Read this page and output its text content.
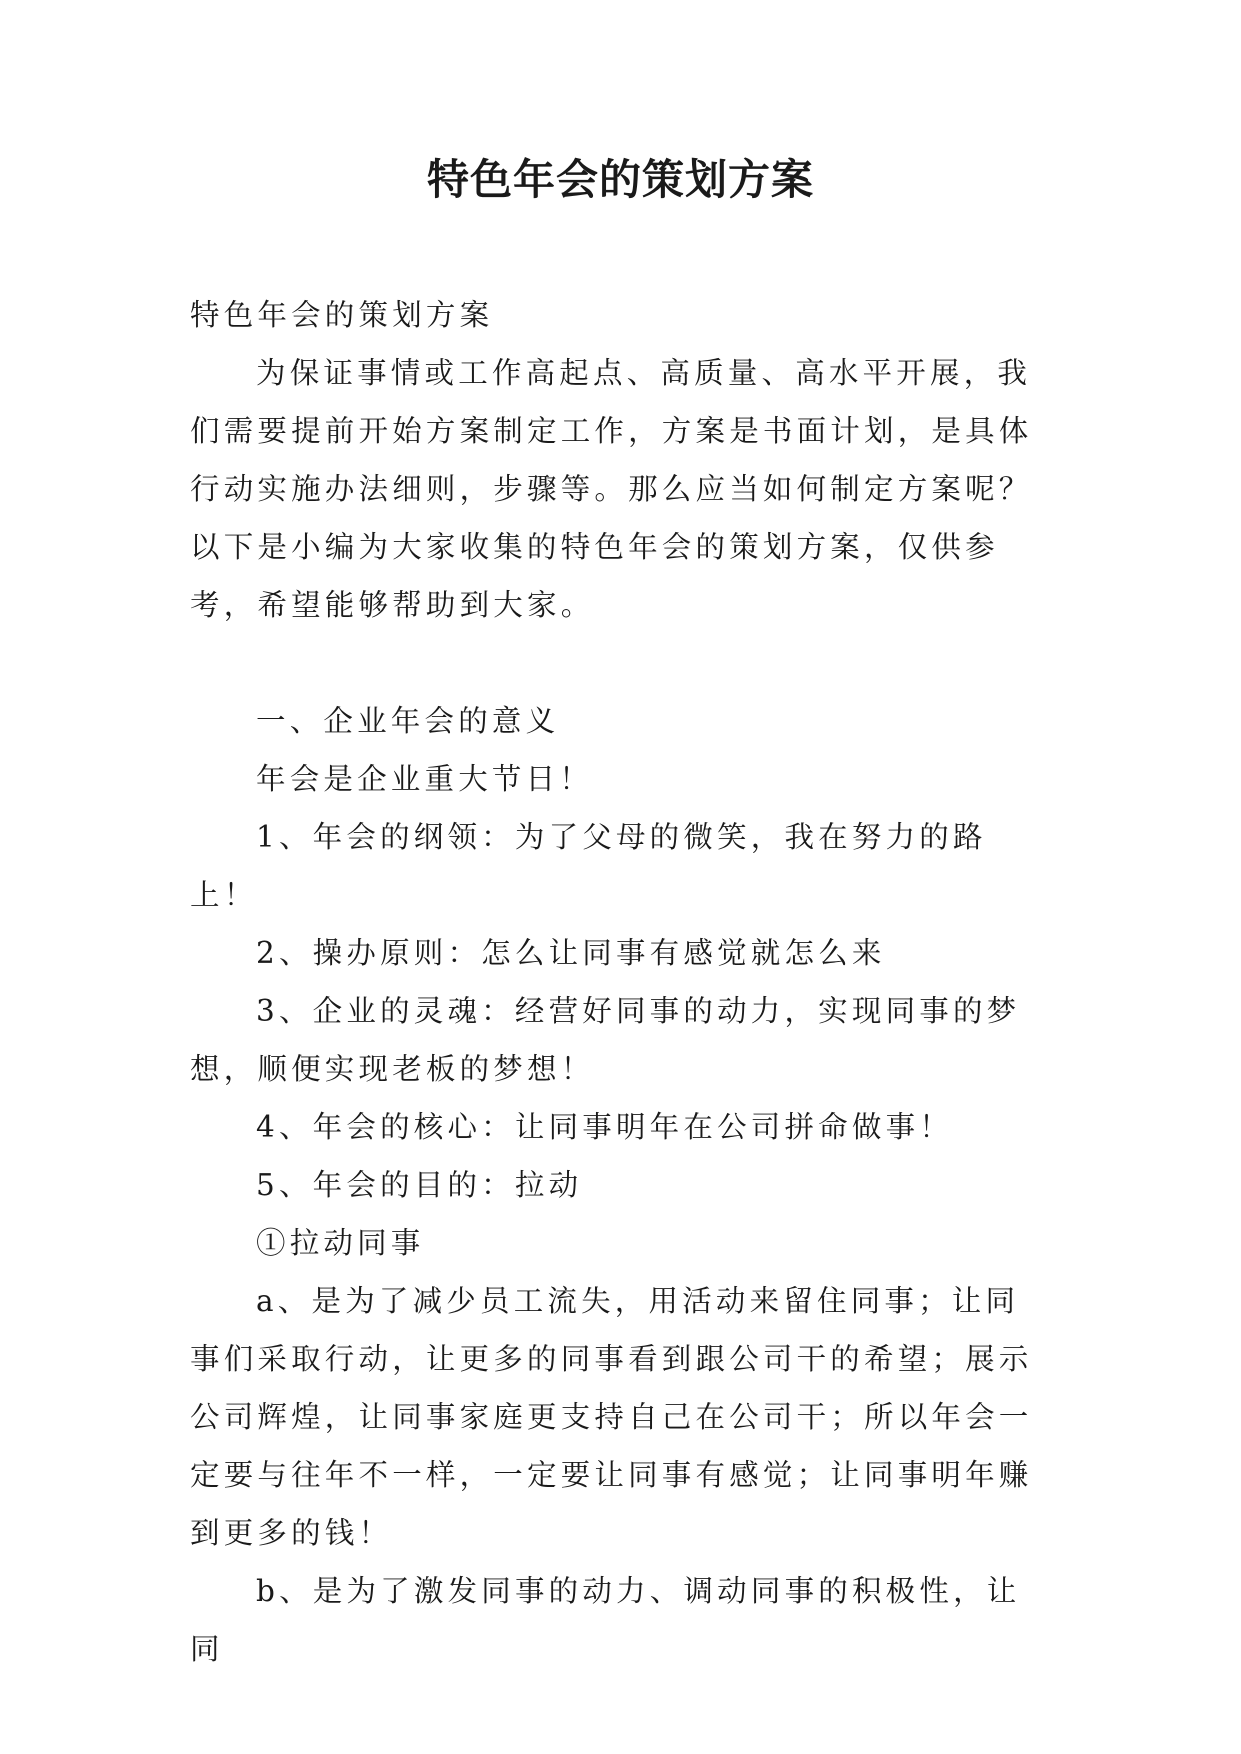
特色年会的策划方案

特色年会的策划方案

为保证事情或工作高起点、高质量、高水平开展，我们需要提前开始方案制定工作，方案是书面计划，是具体行动实施办法细则，步骤等。那么应当如何制定方案呢？以下是小编为大家收集的特色年会的策划方案，仅供参考，希望能够帮助到大家。

一、企业年会的意义

年会是企业重大节日！

1、年会的纲领：为了父母的微笑，我在努力的路上！

2、操办原则：怎么让同事有感觉就怎么来

3、企业的灵魂：经营好同事的动力，实现同事的梦想，顺便实现老板的梦想！

4、年会的核心：让同事明年在公司拼命做事！

5、年会的目的：拉动

①拉动同事

a、是为了减少员工流失，用活动来留住同事；让同事们采取行动，让更多的同事看到跟公司干的希望；展示公司辉煌，让同事家庭更支持自己在公司干；所以年会一定要与往年不一样，一定要让同事有感觉；让同事明年赚到更多的钱！

b、是为了激发同事的动力、调动同事的积极性，让同
